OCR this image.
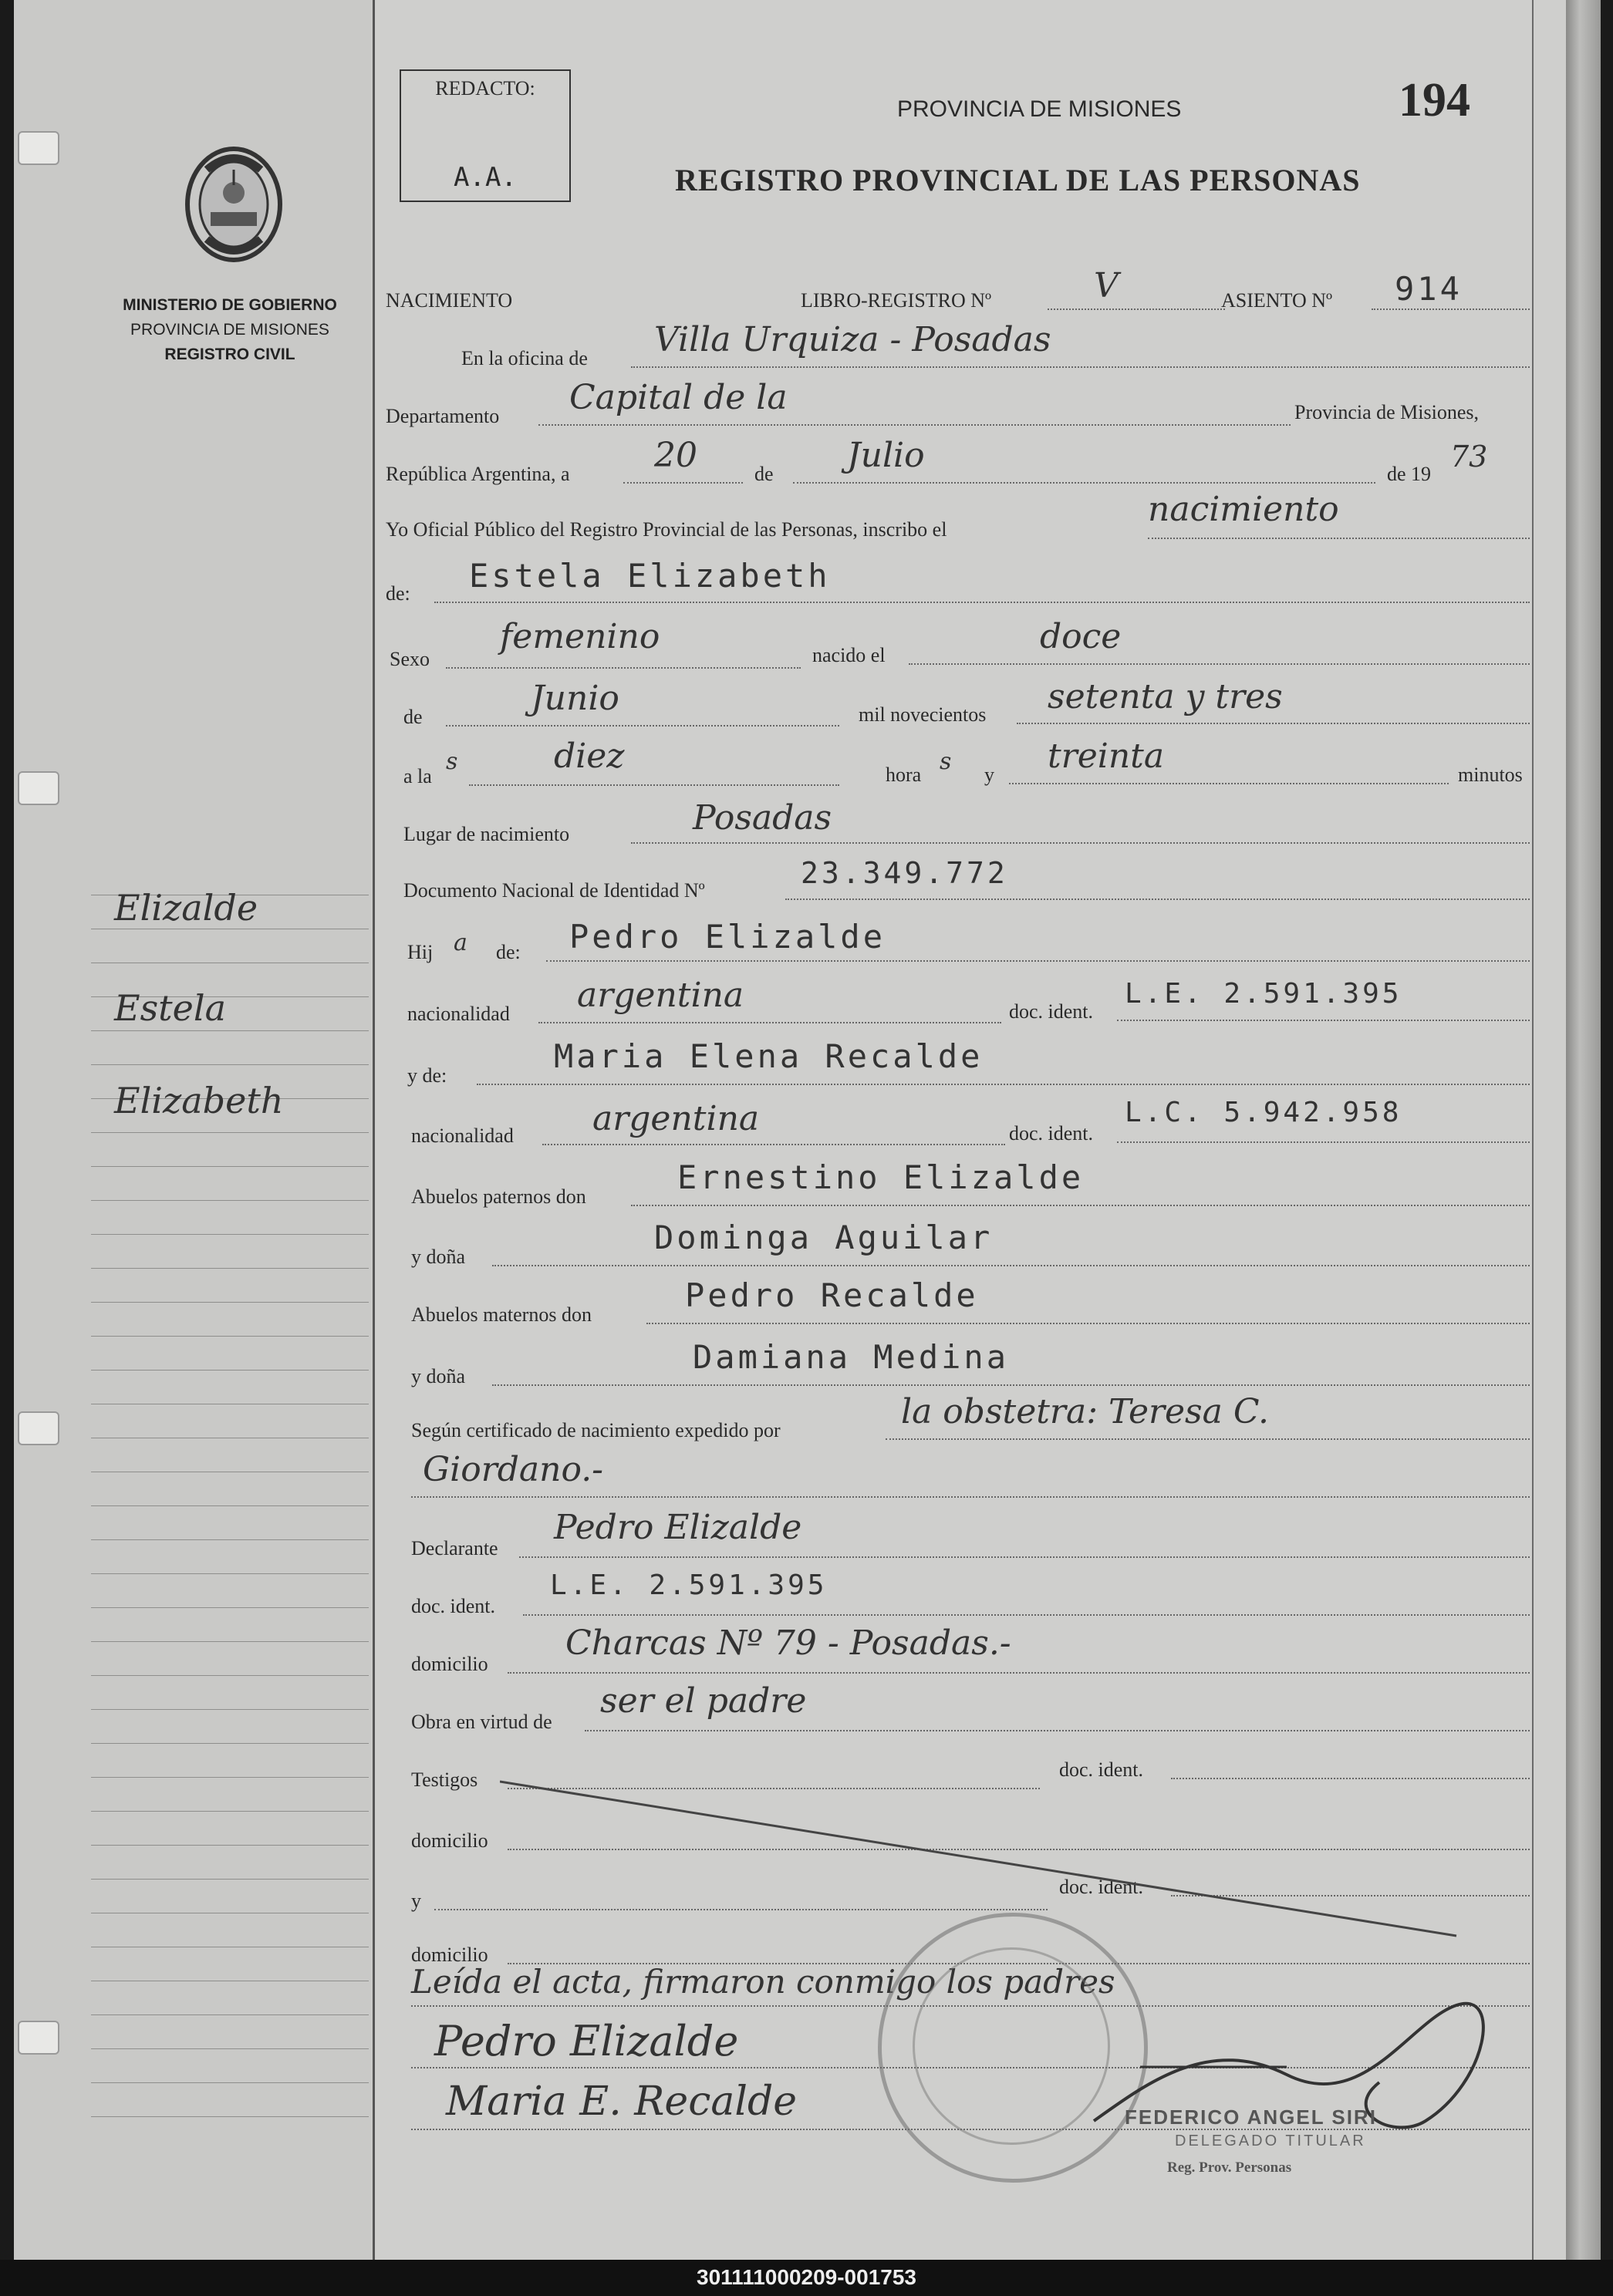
MINISTERIO DE GOBIERNO
PROVINCIA DE MISIONES
REGISTRO CIVIL
Elizalde
Estela
Elizabeth
REDACTO:
A.A.
194
PROVINCIA DE MISIONES
REGISTRO PROVINCIAL DE LAS PERSONAS
NACIMIENTO	LIBRO-REGISTRO Nº	V	ASIENTO Nº 914
En la oficina de Villa Urquiza - Posadas
Departamento Capital de la	Provincia de Misiones,
República Argentina, a 20	de Julio	de 19
73
Yo Oficial Público del Registro Provincial de las Personas, inscribo el
nacimiento
de: Estela Elizabeth
Sexo
femenino	nacido el	doce
de	Junio	mil novecientos setenta y tres
a la
s	diez	hora s y treinta	minutos
Lugar de nacimiento	Posadas
Documento Nacional de Identidad Nº
23.349.772
Hij a de: Pedro Elizalde
nacionalidad argentina	doc. ident.
L.E. 2.591.395
y de:
Maria Elena Recalde
nacionalidad argentina	doc. ident.
L.C. 5.942.958
Abuelos paternos don
Ernestino Elizalde
y doña
Dominga Aguilar
Abuelos maternos don
Pedro Recalde
y doña
Damiana Medina
Según certificado de nacimiento expedido por	la obstetra: Teresa C.
Giordano.-
Declarante
Pedro Elizalde
doc. ident.
L.E. 2.591.395
domicilio
Charcas Nº 79 - Posadas.-
Obra en virtud de
ser el padre
Testigos	doc. ident.
domicilio
y
doc. ident.
domicilio
Leída el acta, firmaron conmigo los padres
Pedro Elizalde
Maria E. Recalde	FEDERICO ANGEL SIRI
DELEGADO TITULAR
Reg. Prov. Personas
301111000209-001753
